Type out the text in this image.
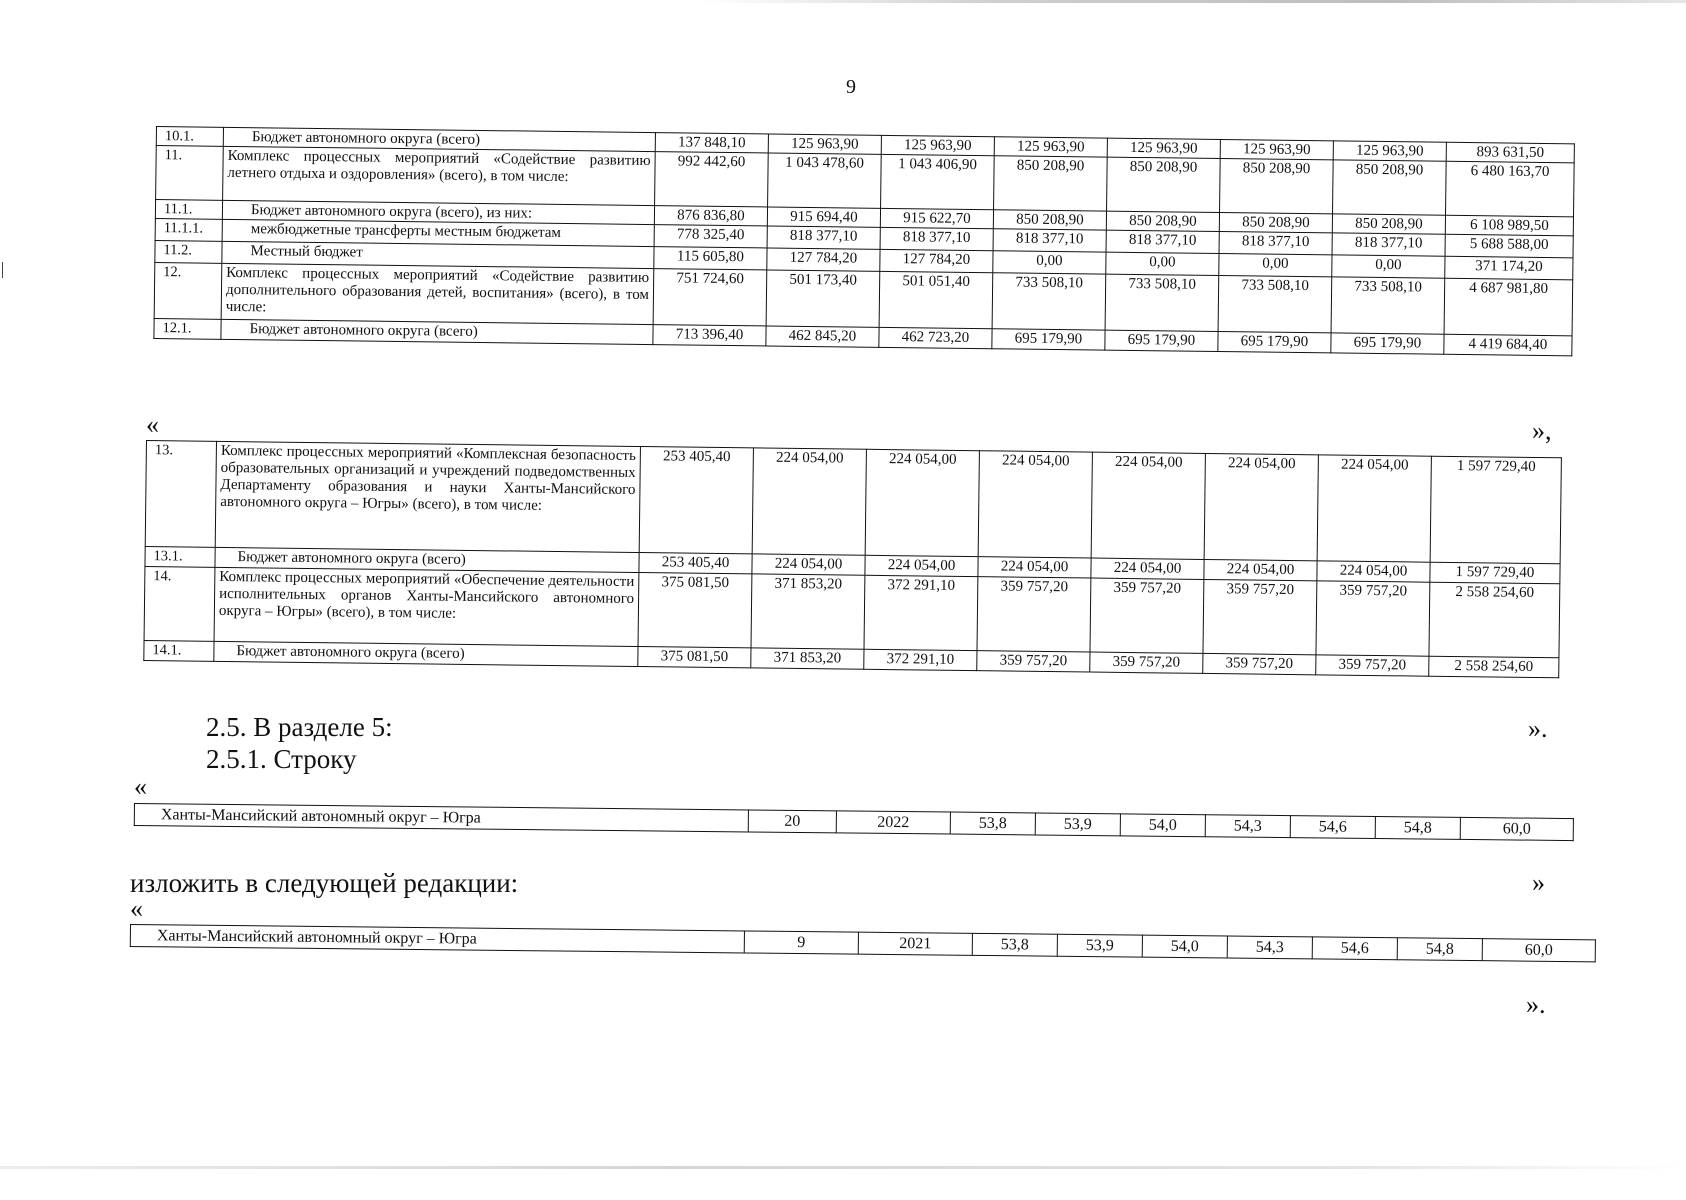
9
10.1.	Бюджет автономного округа (всего)	137 848,10	125 963,90	125 963,90	125 963,90	125 963,90	125 963,90	125 963,90	893 631,50
11.	Комплекс процессных мероприятий «Содействие развитию летнего отдыха и оздоровления» (всего), в том числе:	992 442,60	1 043 478,60	1 043 406,90	850 208,90	850 208,90	850 208,90	850 208,90	6 480 163,70
11.1.	Бюджет автономного округа (всего), из них:	876 836,80	915 694,40	915 622,70	850 208,90	850 208,90	850 208,90	850 208,90	6 108 989,50
11.1.1.	межбюджетные трансферты местным бюджетам	778 325,40	818 377,10	818 377,10	818 377,10	818 377,10	818 377,10	818 377,10	5 688 588,00
11.2.	Местный бюджет	115 605,80	127 784,20	127 784,20	0,00	0,00	0,00	0,00	371 174,20
12.	Комплекс процессных мероприятий «Содействие развитию дополнительного образования детей, воспитания» (всего), в том числе:	751 724,60	501 173,40	501 051,40	733 508,10	733 508,10	733 508,10	733 508,10	4 687 981,80
12.1.	Бюджет автономного округа (всего)	713 396,40	462 845,20	462 723,20	695 179,90	695 179,90	695 179,90	695 179,90	4 419 684,40
«	»,
13.	Комплекс процессных мероприятий «Комплексная безопасность образовательных организаций и учреждений подведомственных Департаменту образования и науки Ханты-Мансийского автономного округа – Югры» (всего), в том числе:	253 405,40	224 054,00	224 054,00	224 054,00	224 054,00	224 054,00	224 054,00	1 597 729,40
13.1.	Бюджет автономного округа (всего)	253 405,40	224 054,00	224 054,00	224 054,00	224 054,00	224 054,00	224 054,00	1 597 729,40
14.	Комплекс процессных мероприятий «Обеспечение деятельности исполнительных органов Ханты-Мансийского автономного округа – Югры» (всего), в том числе:	375 081,50	371 853,20	372 291,10	359 757,20	359 757,20	359 757,20	359 757,20	2 558 254,60
14.1.	Бюджет автономного округа (всего)	375 081,50	371 853,20	372 291,10	359 757,20	359 757,20	359 757,20	359 757,20	2 558 254,60
2.5. В разделе 5:	».
2.5.1. Строку
«
Ханты-Мансийский автономный округ – Югра	20	2022	53,8	53,9	54,0	54,3	54,6	54,8	60,0
изложить в следующей редакции:	»
«
Ханты-Мансийский автономный округ – Югра	9	2021	53,8	53,9	54,0	54,3	54,6	54,8	60,0
».
